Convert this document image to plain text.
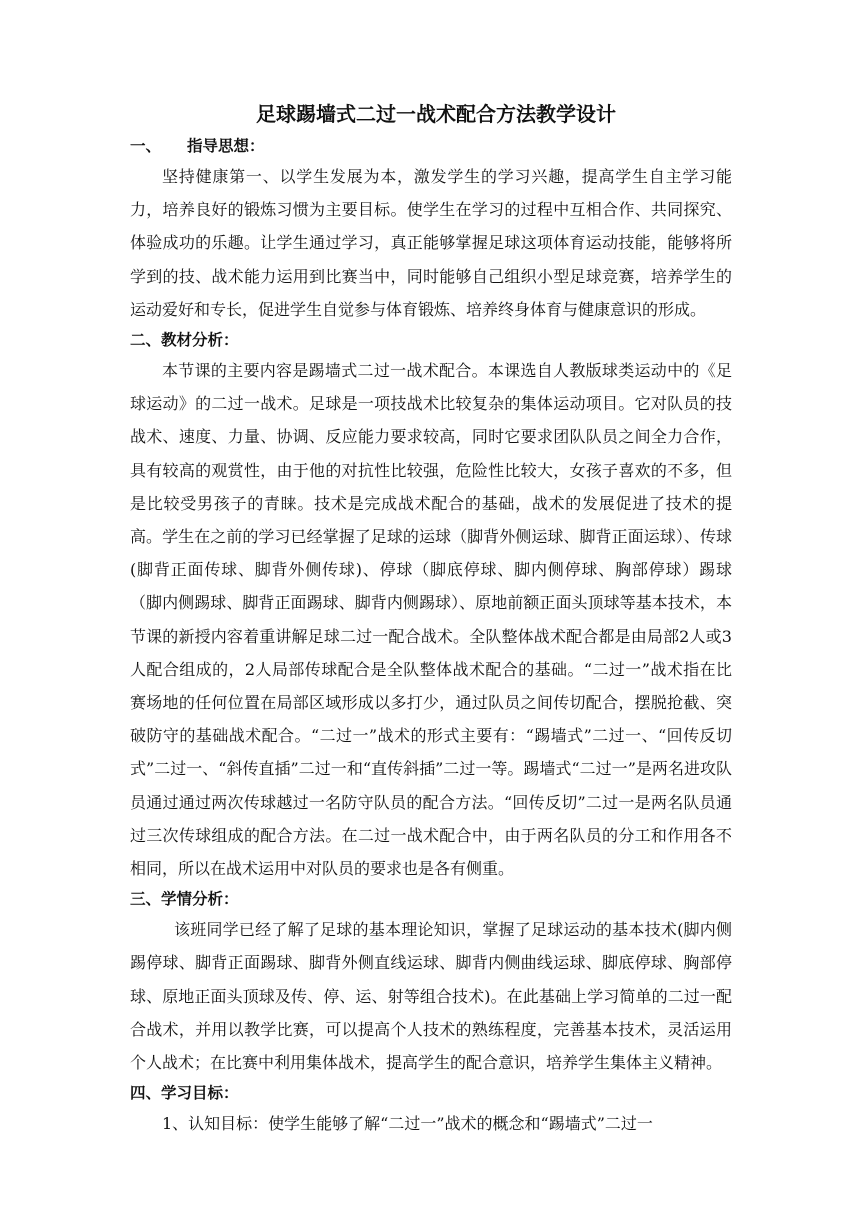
足球踢墙式二过一战术配合方法教学设计
一、 指导思想：

坚持健康第一、以学生发展为本，激发学生的学习兴趣，提高学生自主学习能力，培养良好的锻炼习惯为主要目标。使学生在学习的过程中互相合作、共同探究、体验成功的乐趣。让学生通过学习，真正能够掌握足球这项体育运动技能，能够将所学到的技、战术能力运用到比赛当中，同时能够自己组织小型足球竞赛，培养学生的运动爱好和专长，促进学生自觉参与体育锻炼、培养终身体育与健康意识的形成。

二、教材分析：

本节课的主要内容是踢墙式二过一战术配合。本课选自人教版球类运动中的《足球运动》的二过一战术。足球是一项技战术比较复杂的集体运动项目。它对队员的技战术、速度、力量、协调、反应能力要求较高，同时它要求团队队员之间全力合作，具有较高的观赏性，由于他的对抗性比较强，危险性比较大，女孩子喜欢的不多，但是比较受男孩子的青睐。技术是完成战术配合的基础，战术的发展促进了技术的提高。学生在之前的学习已经掌握了足球的运球（脚背外侧运球、脚背正面运球）、传球(脚背正面传球、脚背外侧传球)、停球（脚底停球、脚内侧停球、胸部停球）踢球（脚内侧踢球、脚背正面踢球、脚背内侧踢球）、原地前额正面头顶球等基本技术，本节课的新授内容着重讲解足球二过一配合战术。全队整体战术配合都是由局部2人或3人配合组成的，2人局部传球配合是全队整体战术配合的基础。“二过一”战术指在比赛场地的任何位置在局部区域形成以多打少，通过队员之间传切配合，摆脱抢截、突破防守的基础战术配合。“二过一”战术的形式主要有：“踢墙式”二过一、“回传反切式”二过一、“斜传直插”二过一和“直传斜插”二过一等。踢墙式“二过一”是两名进攻队员通过通过两次传球越过一名防守队员的配合方法。“回传反切”二过一是两名队员通过三次传球组成的配合方法。在二过一战术配合中，由于两名队员的分工和作用各不相同，所以在战术运用中对队员的要求也是各有侧重。

三、学情分析：

该班同学已经了解了足球的基本理论知识，掌握了足球运动的基本技术(脚内侧踢停球、脚背正面踢球、脚背外侧直线运球、脚背内侧曲线运球、脚底停球、胸部停球、原地正面头顶球及传、停、运、射等组合技术)。在此基础上学习简单的二过一配合战术，并用以教学比赛，可以提高个人技术的熟练程度，完善基本技术，灵活运用个人战术；在比赛中利用集体战术，提高学生的配合意识，培养学生集体主义精神。

四、学习目标：

1、认知目标：使学生能够了解“二过一”战术的概念和“踢墙式”二过一
